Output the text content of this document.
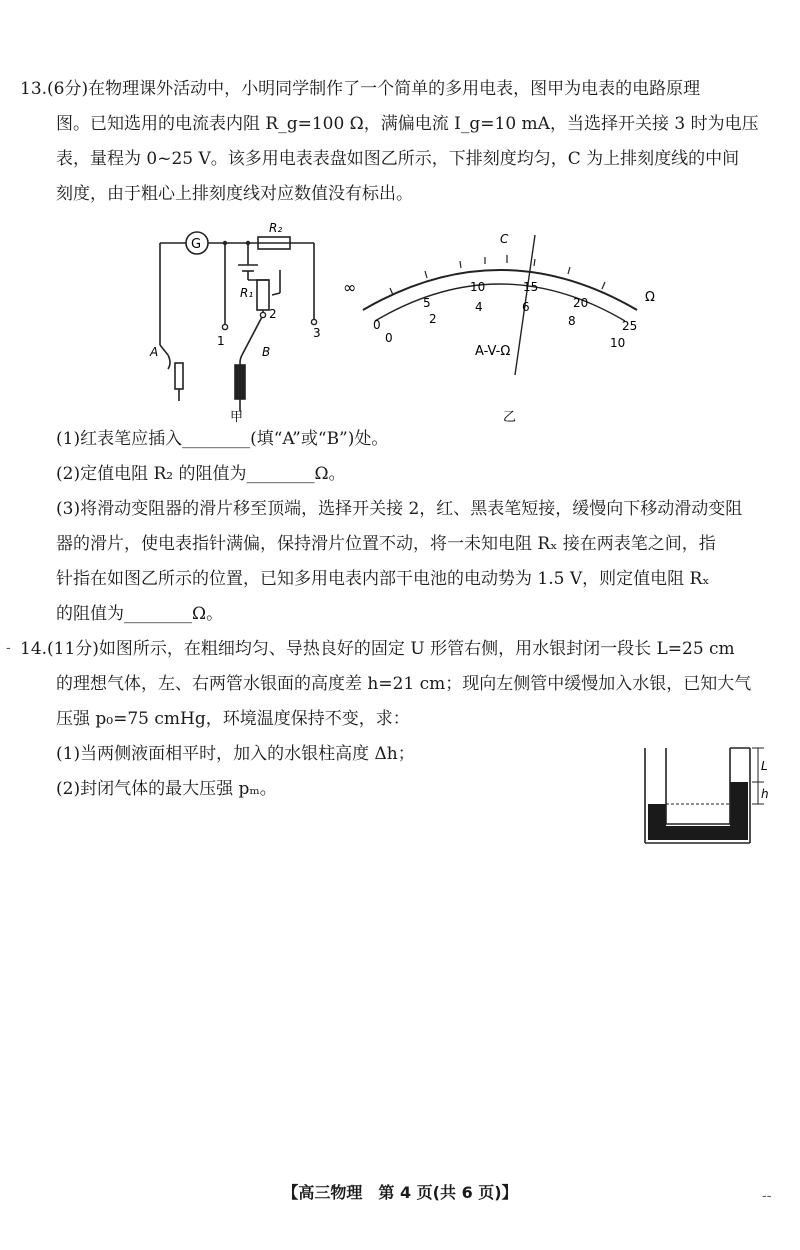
13.(6分)在物理课外活动中，小明同学制作了一个简单的多用电表，图甲为电表的电路原理
图。已知选用的电流表内阻 R_g=100 Ω，满偏电流 I_g=10 mA，当选择开关接 3 时为电压
表，量程为 0~25 V。该多用电表表盘如图乙所示，下排刻度均匀，C 为上排刻度线的中间
刻度，由于粗心上排刻度线对应数值没有标出。
G
R₂
R₁
1
2
3
A	B
甲
C
∞
Ω
0
5
10	15
20
25
0
2
4	6
8
10
A-V-Ω
乙
(1)红表笔应插入________(填“A”或“B”)处。
(2)定值电阻 R₂ 的阻值为________Ω。
(3)将滑动变阻器的滑片移至顶端，选择开关接 2，红、黑表笔短接，缓慢向下移动滑动变阻
器的滑片，使电表指针满偏，保持滑片位置不动，将一未知电阻 Rₓ 接在两表笔之间，指
针指在如图乙所示的位置，已知多用电表内部干电池的电动势为 1.5 V，则定值电阻 Rₓ
的阻值为________Ω。
- 14.(11分)如图所示，在粗细均匀、导热良好的固定 U 形管右侧，用水银封闭一段长 L=25 cm
的理想气体，左、右两管水银面的高度差 h=21 cm；现向左侧管中缓慢加入水银，已知大气
压强 p₀=75 cmHg，环境温度保持不变，求：
(1)当两侧液面相平时，加入的水银柱高度 Δh；
(2)封闭气体的最大压强 pₘ。
L
h
【高三物理　第 4 页(共 6 页)】	--
